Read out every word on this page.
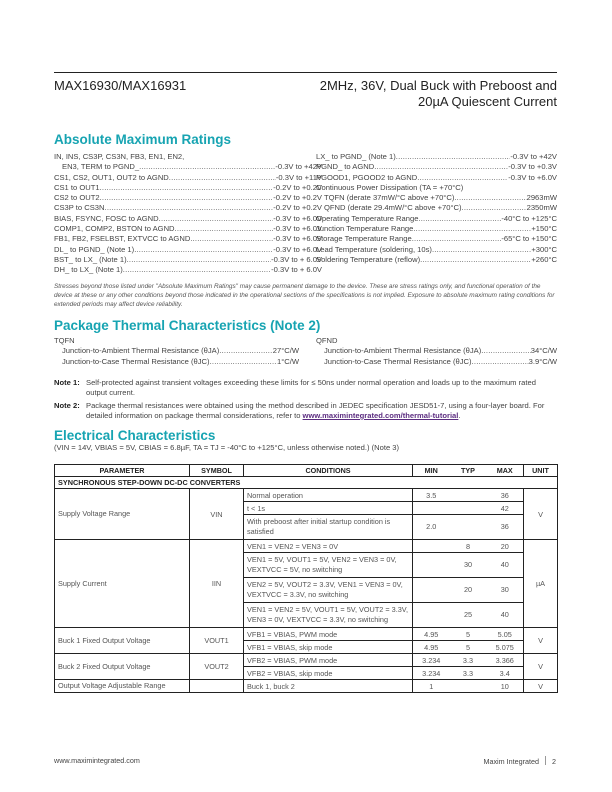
MAX16930/MAX16931	2MHz, 36V, Dual Buck with Preboost and
20µA Quiescent Current
Absolute Maximum Ratings
IN, INS, CS3P, CS3N, FB3, EN1, EN2,
EN3, TERM to PGND_ .....	-0.3V to +42V
CS1, CS2, OUT1, OUT2 to AGND .....	-0.3V to +11V
CS1 to OUT1 .....	-0.2V to +0.2V
CS2 to OUT2 .....	-0.2V to +0.2V
CS3P to CS3N .....	-0.2V to +0.2V
BIAS, FSYNC, FOSC to AGND .....	-0.3V to +6.0V
COMP1, COMP2, BSTON to AGND .....	-0.3V to +6.0V
FB1, FB2, FSELBST, EXTVCC to AGND .....	-0.3V to +6.0V
DL_ to PGND_ (Note 1) .....	-0.3V to +6.0V
BST_ to LX_ (Note 1) .....	-0.3V to + 6.0V
DH_ to LX_ (Note 1) .....	-0.3V to + 6.0V
LX_ to PGND_ (Note 1) .....	-0.3V to +42V
PGND_ to AGND .....	-0.3V to +0.3V
PGOOD1, PGOOD2 to AGND .....	-0.3V to +6.0V
Continuous Power Dissipation (TA = +70°C)
TQFN (derate 37mW/°C above +70°C) .....	2963mW
QFND (derate 29.4mW/°C above +70°C) .....	2350mW
Operating Temperature Range .....	-40°C to +125°C
Junction Temperature Range .....	+150°C
Storage Temperature Range .....	-65°C to +150°C
Lead Temperature (soldering, 10s) .....	+300°C
Soldering Temperature (reflow) .....	+260°C
Stresses beyond those listed under "Absolute Maximum Ratings" may cause permanent damage to the device. These are stress ratings only, and functional operation of the device at these or any other conditions beyond those indicated in the operational sections of the specifications is not implied. Exposure to absolute maximum rating conditions for extended periods may affect device reliability.
Package Thermal Characteristics (Note 2)
TQFN
Junction-to-Ambient Thermal Resistance (θJA) .....	27°C/W
Junction-to-Case Thermal Resistance (θJC) .....	1°C/W
QFND
Junction-to-Ambient Thermal Resistance (θJA) .....	34°C/W
Junction-to-Case Thermal Resistance (θJC) .....	3.9°C/W
Note 1: Self-protected against transient voltages exceeding these limits for ≤ 50ns under normal operation and loads up to the maximum rated output current.
Note 2: Package thermal resistances were obtained using the method described in JEDEC specification JESD51-7, using a four-layer board. For detailed information on package thermal considerations, refer to www.maximintegrated.com/thermal-tutorial.
Electrical Characteristics
(VIN = 14V, VBIAS = 5V, CBIAS = 6.8µF, TA = TJ = -40°C to +125°C, unless otherwise noted.) (Note 3)
PARAMETER	SYMBOL	CONDITIONS	MIN	TYP	MAX	UNIT
SYNCHRONOUS STEP-DOWN DC-DC CONVERTERS						
Supply Voltage Range	VIN	Normal operation	3.5		36	V
		t < 1s			42	
		With preboost after initial startup condition is satisfied	2.0		36	
Supply Current	IIN	VEN1 = VEN2 = VEN3 = 0V		8	20	µA
		VEN1 = 5V, VOUT1 = 5V, VEN2 = VEN3 = 0V, VEXTVCC = 5V, no switching		30	40	
		VEN2 = 5V, VOUT2 = 3.3V, VEN1 = VEN3 = 0V, VEXTVCC = 3.3V, no switching		20	30	
		VEN1 = VEN2 = 5V, VOUT1 = 5V, VOUT2 = 3.3V, VEN3 = 0V, VEXTVCC = 3.3V, no switching		25	40	
Buck 1 Fixed Output Voltage	VOUT1	VFB1 = VBIAS, PWM mode	4.95	5	5.05	V
		VFB1 = VBIAS, skip mode	4.95	5	5.075	
Buck 2 Fixed Output Voltage	VOUT2	VFB2 = VBIAS, PWM mode	3.234	3.3	3.366	V
		VFB2 = VBIAS, skip mode	3.234	3.3	3.4	
Output Voltage Adjustable Range		Buck 1, buck 2	1		10	V
www.maximintegrated.com	Maxim Integrated 2
